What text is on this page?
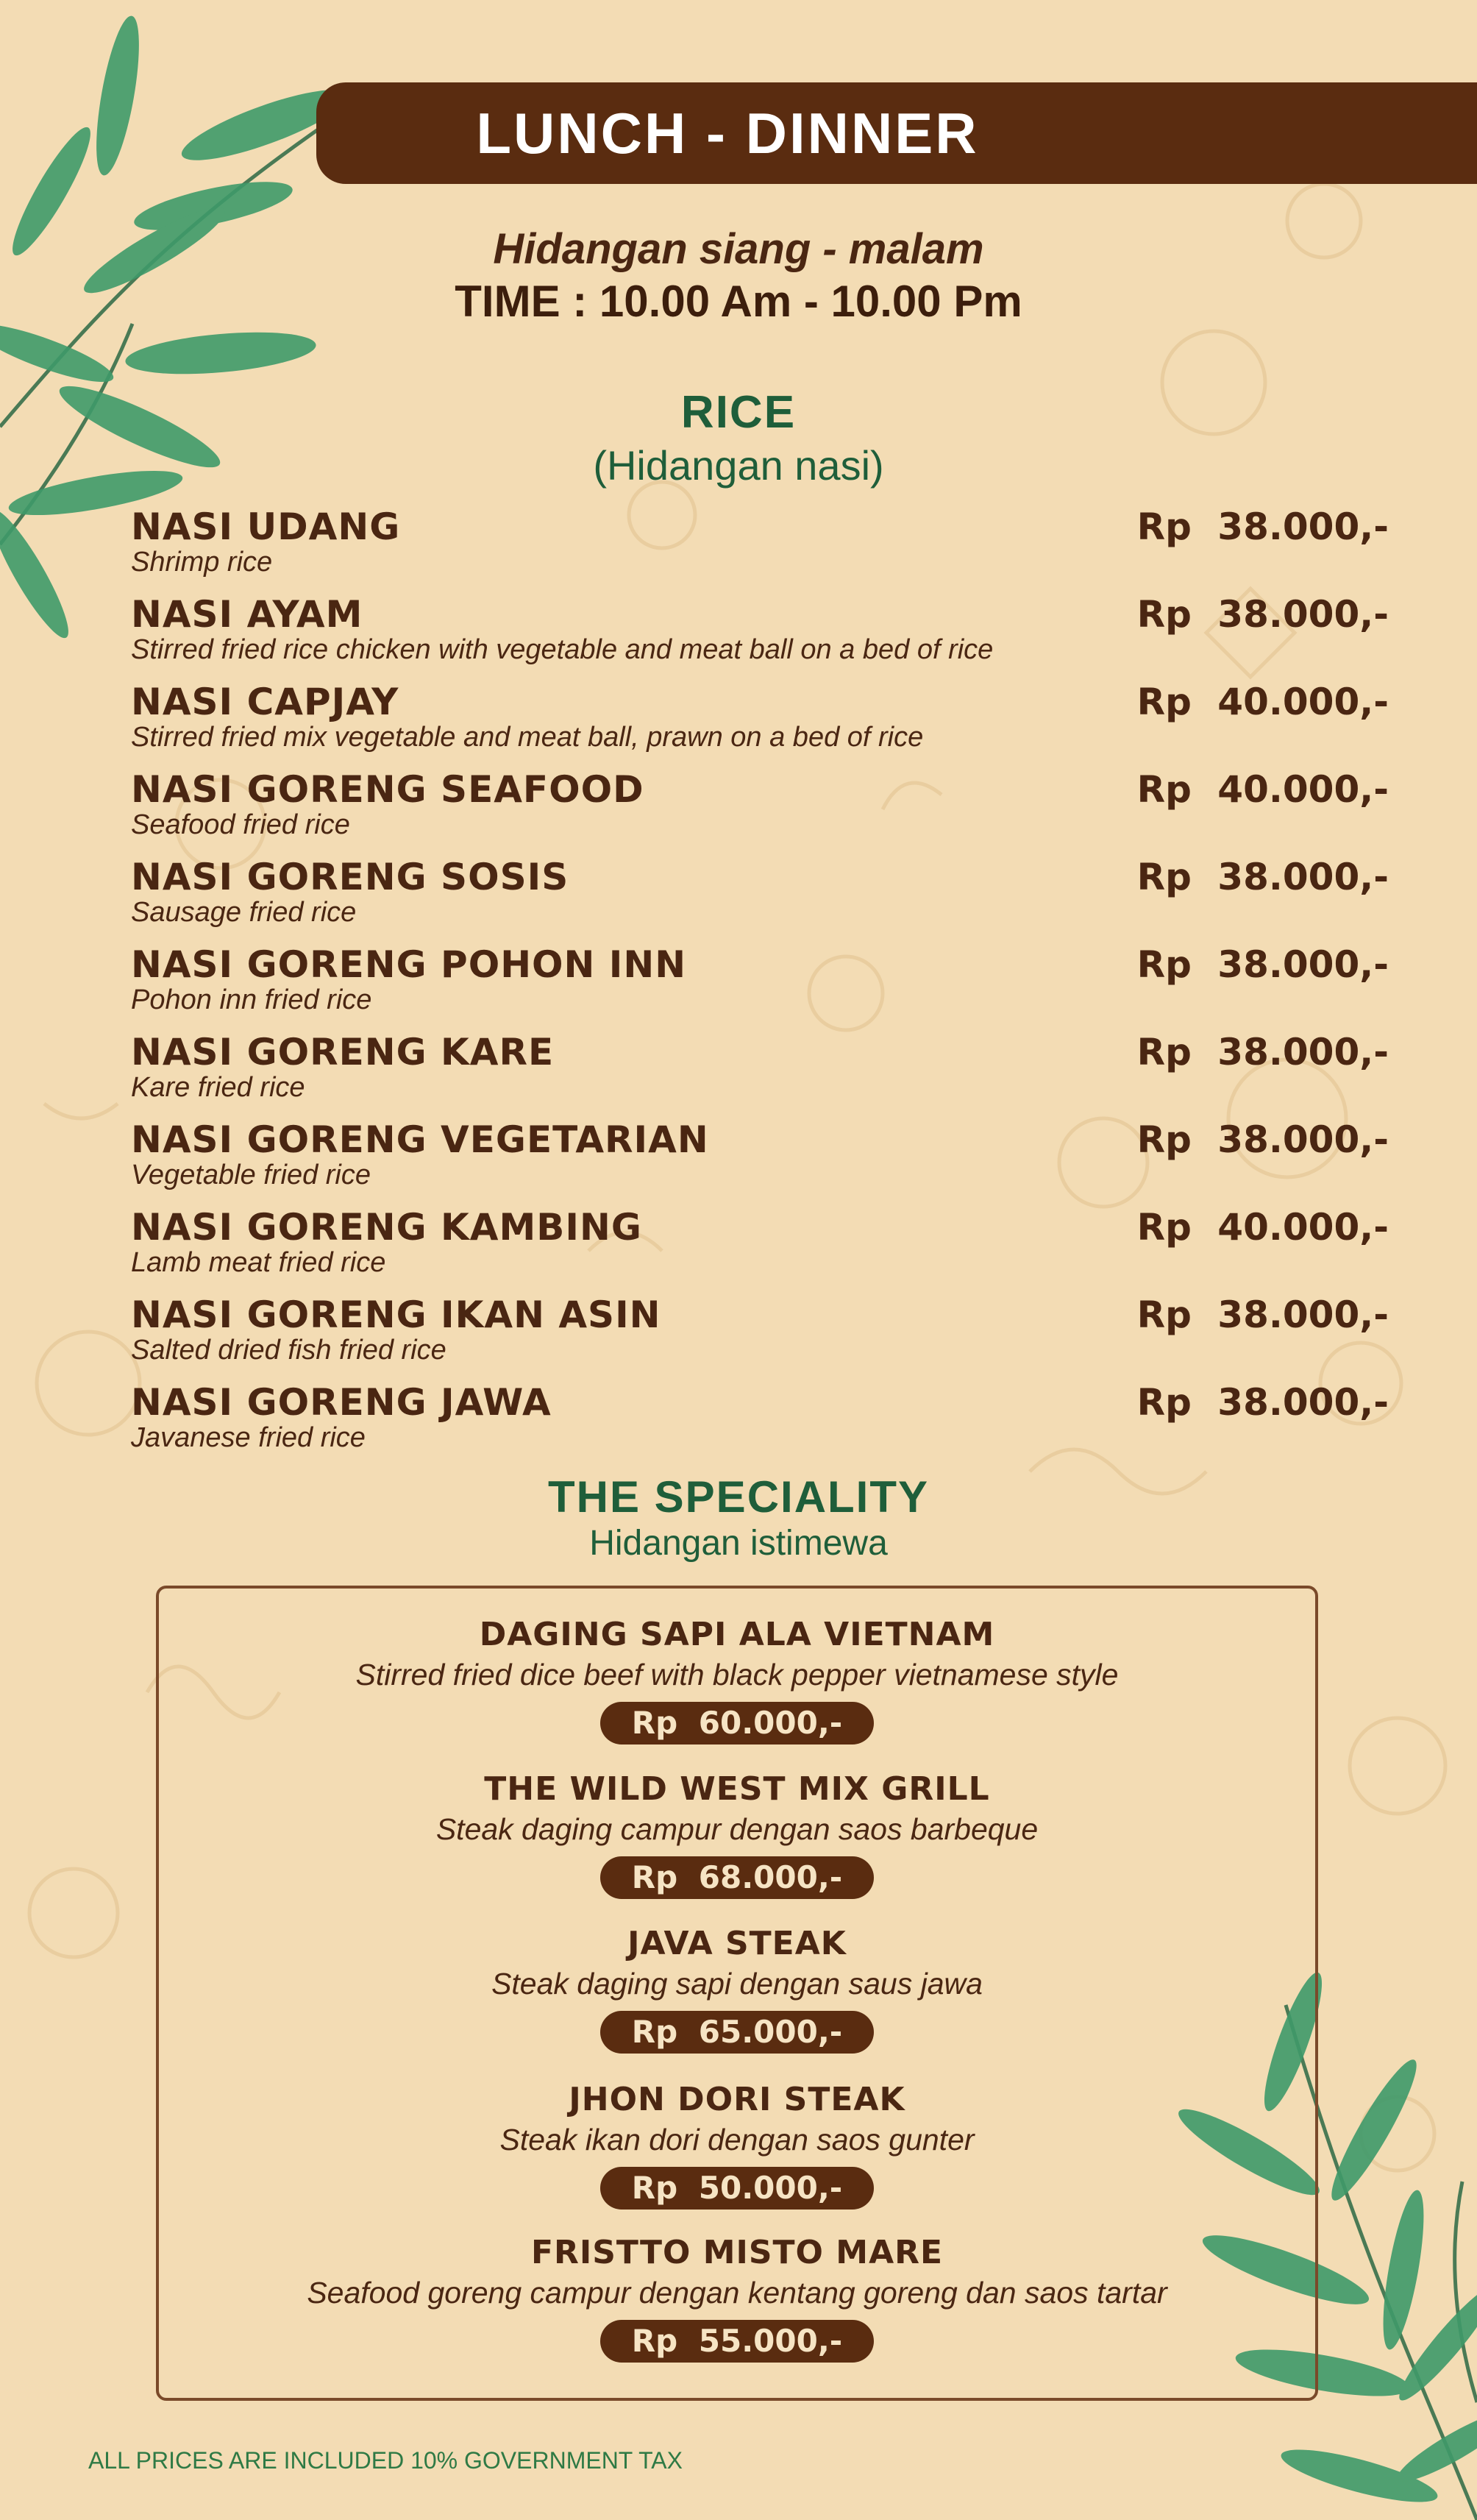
LUNCH - DINNER
Hidangan siang - malam
TIME : 10.00 Am - 10.00 Pm
RICE
(Hidangan nasi)
NASI UDANG
Shrimp rice
Rp 38.000,-
NASI AYAM
Stirred fried rice chicken with vegetable and meat ball on a bed of rice
Rp 38.000,-
NASI CAPJAY
Stirred fried mix vegetable and meat ball, prawn on a bed of rice
Rp 40.000,-
NASI GORENG SEAFOOD
Seafood fried rice
Rp 40.000,-
NASI GORENG SOSIS
Sausage fried rice
Rp 38.000,-
NASI GORENG POHON INN
Pohon inn fried rice
Rp 38.000,-
NASI GORENG KARE
Kare fried rice
Rp 38.000,-
NASI GORENG VEGETARIAN
Vegetable fried rice
Rp 38.000,-
NASI GORENG KAMBING
Lamb meat fried rice
Rp 40.000,-
NASI GORENG IKAN ASIN
Salted dried fish fried rice
Rp 38.000,-
NASI GORENG JAWA
Javanese fried rice
Rp 38.000,-
THE SPECIALITY
Hidangan istimewa
DAGING SAPI ALA VIETNAM
Stirred fried dice beef with black pepper vietnamese style
Rp 60.000,-
THE WILD WEST MIX GRILL
Steak daging campur dengan saos barbeque
Rp 68.000,-
JAVA STEAK
Steak daging sapi dengan saus jawa
Rp 65.000,-
JHON DORI STEAK
Steak ikan dori dengan saos gunter
Rp 50.000,-
FRISTTO MISTO MARE
Seafood goreng campur dengan kentang goreng dan saos tartar
Rp 55.000,-
ALL PRICES ARE INCLUDED 10% GOVERNMENT TAX
